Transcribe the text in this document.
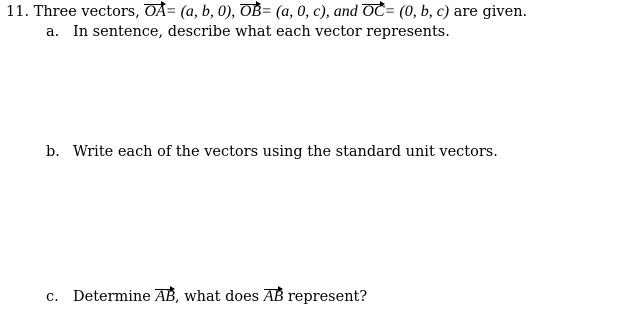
11. Three vectors, OA= (a, b, 0), OB= (a, 0, c), and OC= (0, b, c) are given.
a. In sentence, describe what each vector represents.
b. Write each of the vectors using the standard unit vectors.
c. Determine AB, what does AB represent?
